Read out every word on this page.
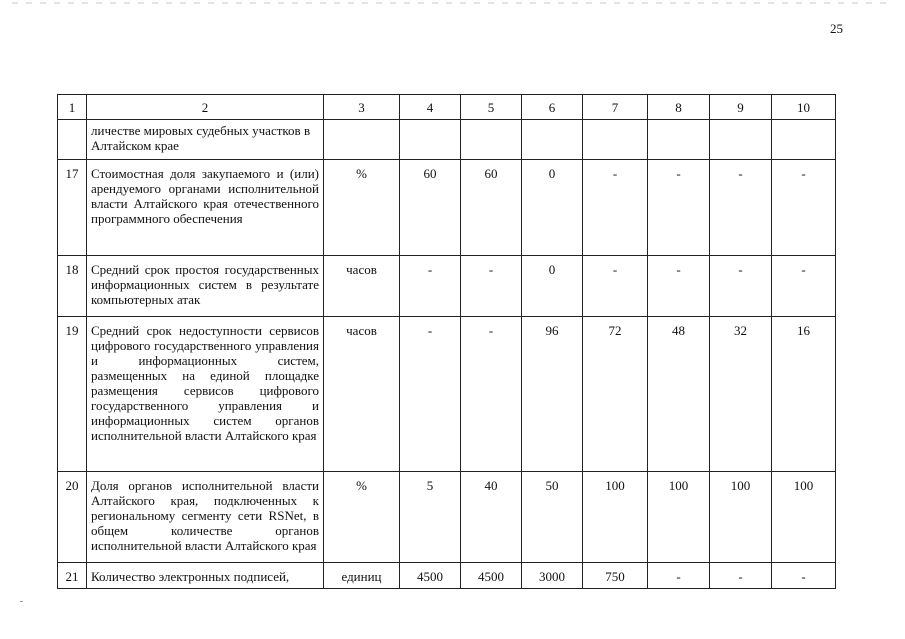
25
1	2	3	4	5	6	7	8	9	10
	личестве мировых судебных участков в Алтайском крае								
17	Стоимостная доля закупаемого и (или) арендуемого органами исполнительной власти Алтайского края отечественного программного обеспечения	%	60	60	0	-	-	-	-
18	Средний срок простоя государственных информационных систем в результате компьютерных атак	часов	-	-	0	-	-	-	-
19	Средний срок недоступности сервисов цифрового государственного управления и информационных систем, размещенных на единой площадке размещения сервисов цифрового государственного управления и информационных систем органов исполнительной власти Алтайского края	часов	-	-	96	72	48	32	16
20	Доля органов исполнительной власти Алтайского края, подключенных к региональному сегменту сети RSNet, в общем количестве органов исполнительной власти Алтайского края	%	5	40	50	100	100	100	100
21	Количество электронных подписей,	единиц	4500	4500	3000	750	-	-	-
